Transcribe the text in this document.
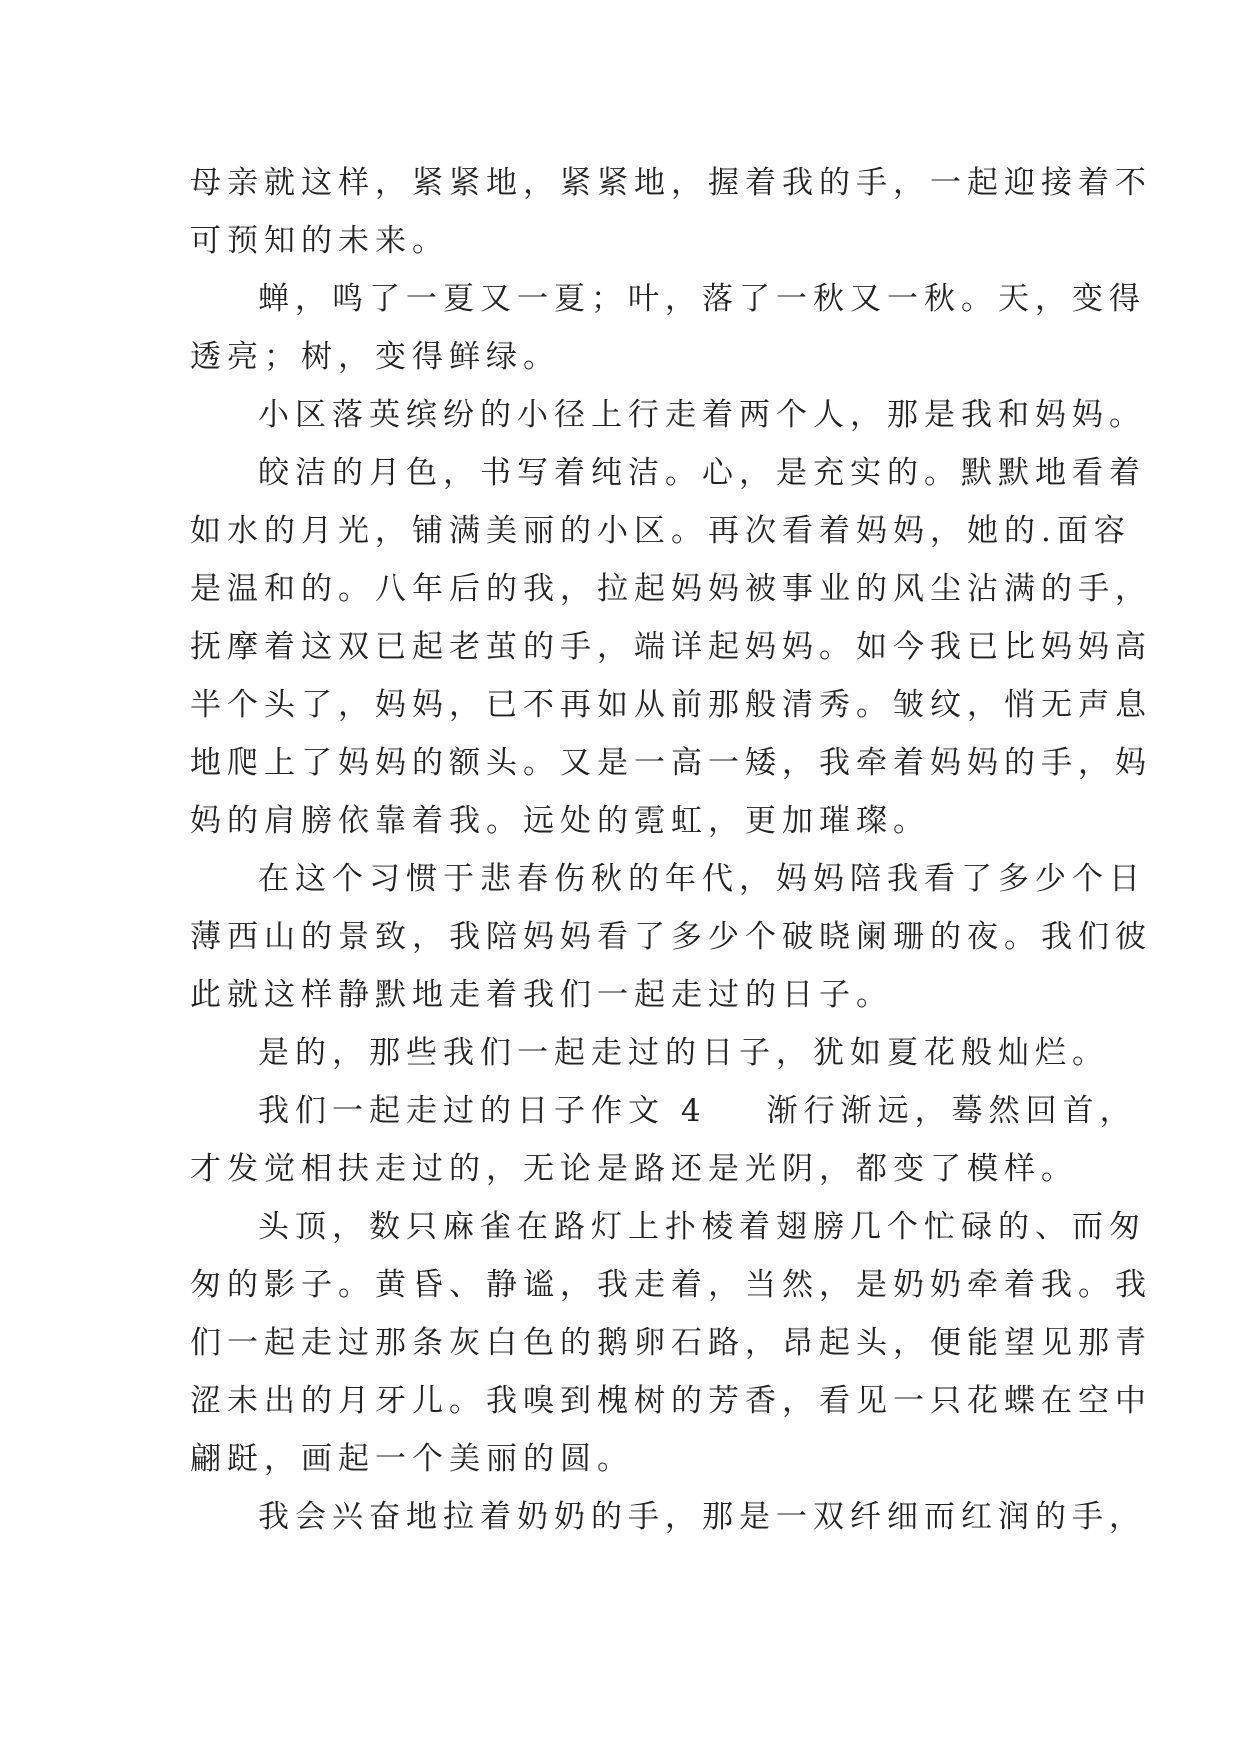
母亲就这样，紧紧地，紧紧地，握着我的手，一起迎接着不
可预知的未来。

蝉，鸣了一夏又一夏；叶，落了一秋又一秋。天，变得
透亮；树，变得鲜绿。

小区落英缤纷的小径上行走着两个人，那是我和妈妈。

皎洁的月色，书写着纯洁。心，是充实的。默默地看着
如水的月光，铺满美丽的小区。再次看着妈妈，她的.面容
是温和的。八年后的我，拉起妈妈被事业的风尘沾满的手，
抚摩着这双已起老茧的手，端详起妈妈。如今我已比妈妈高
半个头了，妈妈，已不再如从前那般清秀。皱纹，悄无声息
地爬上了妈妈的额头。又是一高一矮，我牵着妈妈的手，妈
妈的肩膀依靠着我。远处的霓虹，更加璀璨。

在这个习惯于悲春伤秋的年代，妈妈陪我看了多少个日
薄西山的景致，我陪妈妈看了多少个破晓阑珊的夜。我们彼
此就这样静默地走着我们一起走过的日子。

是的，那些我们一起走过的日子，犹如夏花般灿烂。

我们一起走过的日子作文 4 渐行渐远，蓦然回首，
才发觉相扶走过的，无论是路还是光阴，都变了模样。

头顶，数只麻雀在路灯上扑棱着翅膀几个忙碌的、而匆
匆的影子。黄昏、静谧，我走着，当然，是奶奶牵着我。我
们一起走过那条灰白色的鹅卵石路，昂起头，便能望见那青
涩未出的月牙儿。我嗅到槐树的芳香，看见一只花蝶在空中
翩跹，画起一个美丽的圆。

我会兴奋地拉着奶奶的手，那是一双纤细而红润的手，
